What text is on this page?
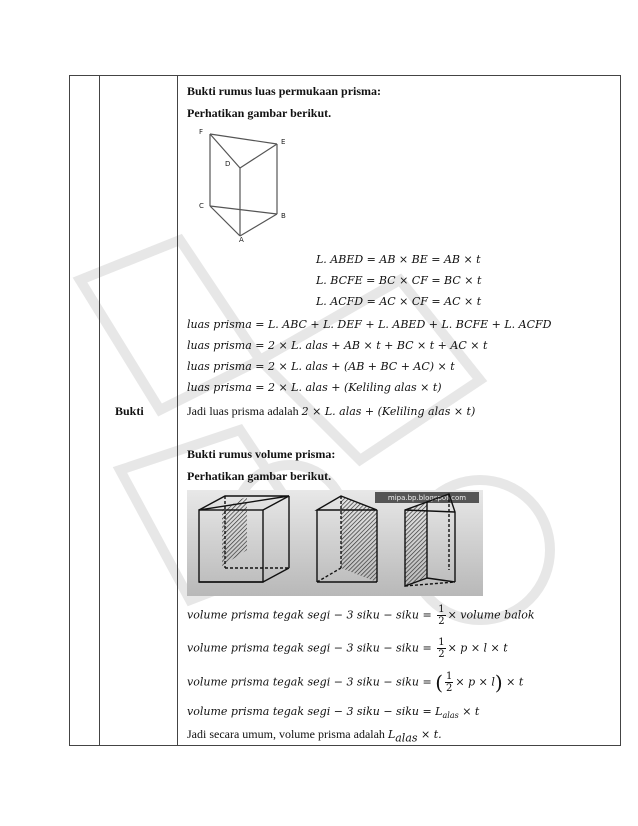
Bukti

Bukti rumus luas permukaan prisma:
Perhatikan gambar berikut.
F
E
D
C
B
A
L. ABED = AB × BE = AB × t
L. BCFE = BC × CF = BC × t
L. ACFD = AC × CF = AC × t
luas prisma = L. ABC + L. DEF + L. ABED + L. BCFE + L. ACFD
luas prisma = 2 × L. alas + AB × t + BC × t + AC × t
luas prisma = 2 × L. alas + (AB + BC + AC) × t
luas prisma = 2 × L. alas + (Keliling alas × t)
Jadi luas prisma adalah 2 × L. alas + (Keliling alas × t)
Bukti rumus volume prisma:
Perhatikan gambar berikut.
mipa.bp.blogspot.com
volume prisma tegak segi − 3 siku − siku = $\frac{1}{2}$ × volume balok
volume prisma tegak segi − 3 siku − siku = $\frac{1}{2} \times p \times l \times t$
volume prisma tegak segi − 3 siku − siku = ( $\frac{1}{2} \times p \times l) \times t$
volume prisma tegak segi − 3 siku − siku = $L_{alas} \times t$
Jadi secara umum, volume prisma adalah $L_{alas} \times t$.
